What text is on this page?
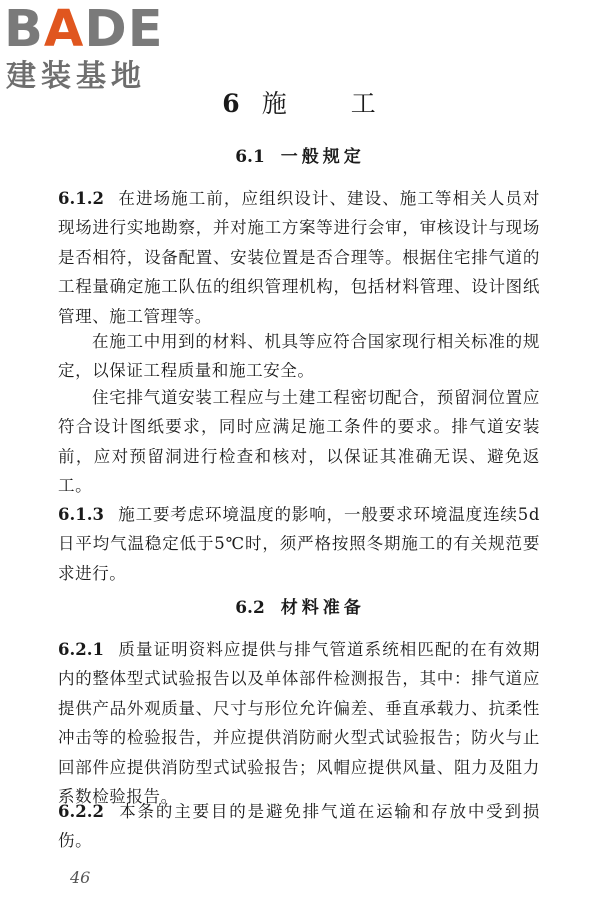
BADE
建装基地
6 施 工
6.1 一般规定

6.1.2 在进场施工前，应组织设计、建设、施工等相关人员对现场进行实地勘察，并对施工方案等进行会审，审核设计与现场是否相符，设备配置、安装位置是否合理等。根据住宅排气道的工程量确定施工队伍的组织管理机构，包括材料管理、设计图纸管理、施工管理等。

在施工中用到的材料、机具等应符合国家现行相关标准的规定，以保证工程质量和施工安全。

住宅排气道安装工程应与土建工程密切配合，预留洞位置应符合设计图纸要求，同时应满足施工条件的要求。排气道安装前，应对预留洞进行检查和核对，以保证其准确无误、避免返工。

6.1.3 施工要考虑环境温度的影响，一般要求环境温度连续5d日平均气温稳定低于5℃时，须严格按照冬期施工的有关规范要求进行。

6.2 材料准备

6.2.1 质量证明资料应提供与排气管道系统相匹配的在有效期内的整体型式试验报告以及单体部件检测报告，其中：排气道应提供产品外观质量、尺寸与形位允许偏差、垂直承载力、抗柔性冲击等的检验报告，并应提供消防耐火型式试验报告；防火与止回部件应提供消防型式试验报告；风帽应提供风量、阻力及阻力系数检验报告。

6.2.2 本条的主要目的是避免排气道在运输和存放中受到损伤。

46
